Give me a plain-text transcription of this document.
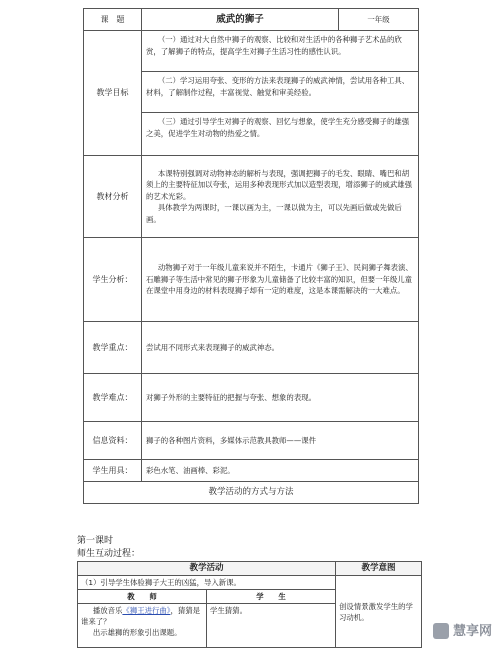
课　题	威武的狮子	一年级
教学目标	（一）通过对大自然中狮子的观察、比较和对生活中的各种狮子艺术品的欣赏，了解狮子的特点，提高学生对狮子生活习性的感性认识。

（二）学习运用夸张、变形的方法来表现狮子的威武神情，尝试用各种工具、材料，了解制作过程，丰富视觉、触觉和审美经验。

（三）通过引导学生对狮子的观察、回忆与想象，使学生充分感受狮子的雄强之美，促进学生对动物的热爱之情。	

教材分析	本课特别强调对动物神态的解析与表现，强调把狮子的毛发、眼睛、嘴巴和胡须上的主要特征加以夸张，运用多种表现形式加以造型表现，增添狮子的威武雄强的艺术光彩。

具体教学为两课时，一课以画为主，一课以做为主，可以先画后做或先做后画。	

学生分析：	动物狮子对于一年级儿童来说并不陌生，卡通片《狮子王》、民间狮子舞表演、石雕狮子等生活中常见的狮子形象为儿童储备了比较丰富的知识，但要一年级儿童在课堂中用身边的材料表现狮子却有一定的难度，这是本课需解决的一大难点。	

教学重点：	尝试用不同形式来表现狮子的威武神态。	
教学难点：	对狮子外形的主要特征的把握与夸张、想象的表现。	
信息资料：	狮子的各种图片资料，多媒体示范教具教师——课件	
学生用具：	彩色水笔、油画棒、彩泥。	
教学活动的方式与方法		
第一课时
师生互动过程：
教学活动		教学意图
（1）引导学生体验狮子大王的凶猛，导入新课。		创设情景激发学生的学习动机。
教　　师	学　　生	

播放音乐《狮王进行曲》，猜猜是谁来了？

出示雄狮的形象引出课题。	学生猜猜。	
慧享网
